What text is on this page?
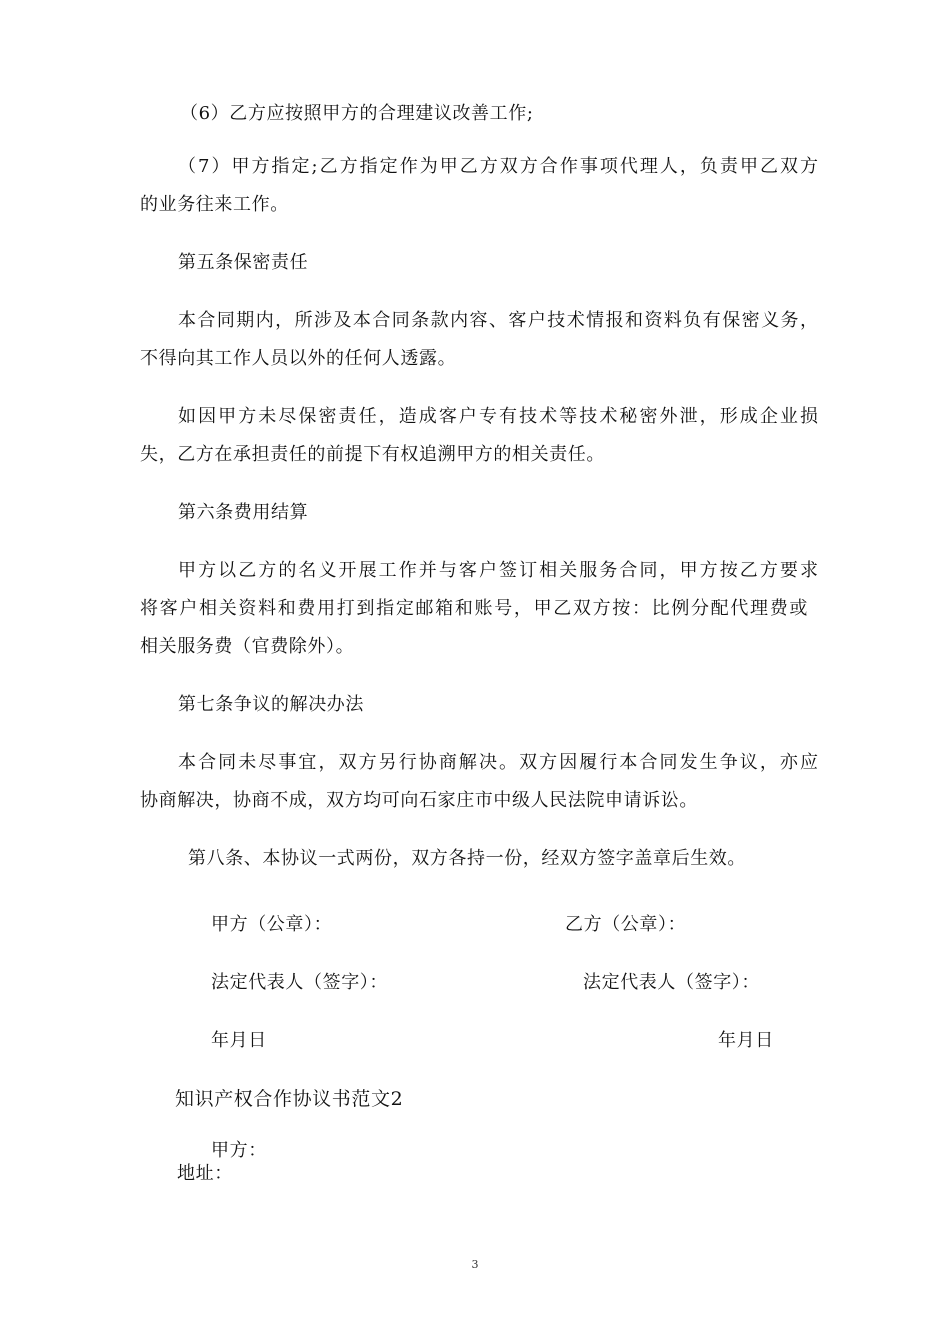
（6）乙方应按照甲方的合理建议改善工作;
（7）甲方指定;乙方指定作为甲乙方双方合作事项代理人，负责甲乙双方
的业务往来工作。
第五条保密责任
本合同期内，所涉及本合同条款内容、客户技术情报和资料负有保密义务，
不得向其工作人员以外的任何人透露。
如因甲方未尽保密责任，造成客户专有技术等技术秘密外泄，形成企业损
失，乙方在承担责任的前提下有权追溯甲方的相关责任。
第六条费用结算
甲方以乙方的名义开展工作并与客户签订相关服务合同，甲方按乙方要求
将客户相关资料和费用打到指定邮箱和账号，甲乙双方按：比例分配代理费或
相关服务费（官费除外）。
第七条争议的解决办法
本合同未尽事宜，双方另行协商解决。双方因履行本合同发生争议，亦应
协商解决，协商不成，双方均可向石家庄市中级人民法院申请诉讼。
第八条、本协议一式两份，双方各持一份，经双方签字盖章后生效。
甲方（公章）：	乙方（公章）：
法定代表人（签字）：	法定代表人（签字）：
年月日	年月日
知识产权合作协议书范文2
甲方：
地址：
3
